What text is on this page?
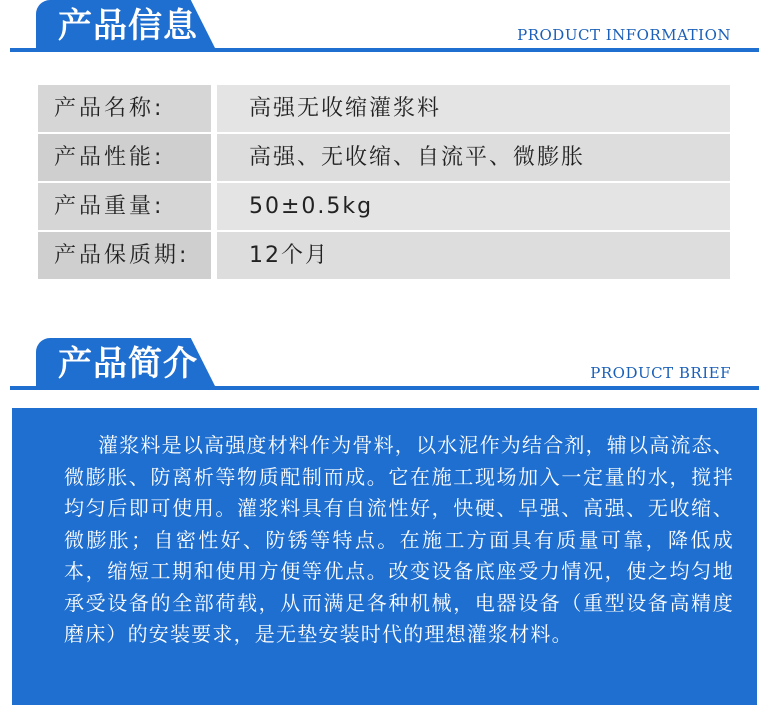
产品信息	PRODUCT INFORMATION
产品名称:	高强无收缩灌浆料
产品性能:	高强、无收缩、自流平、微膨胀
产品重量:	50±0.5kg
产品保质期:	12个月
产品简介	PRODUCT BRIEF
灌浆料是以高强度材料作为骨料，以水泥作为结合剂，辅以高流态、微膨胀、防离析等物质配制而成。它在施工现场加入一定量的水，搅拌均匀后即可使用。灌浆料具有自流性好，快硬、早强、高强、无收缩、微膨胀；自密性好、防锈等特点。在施工方面具有质量可靠，降低成本，缩短工期和使用方便等优点。改变设备底座受力情况，使之均匀地承受设备的全部荷载，从而满足各种机械，电器设备（重型设备高精度磨床）的安装要求，是无垫安装时代的理想灌浆材料。
